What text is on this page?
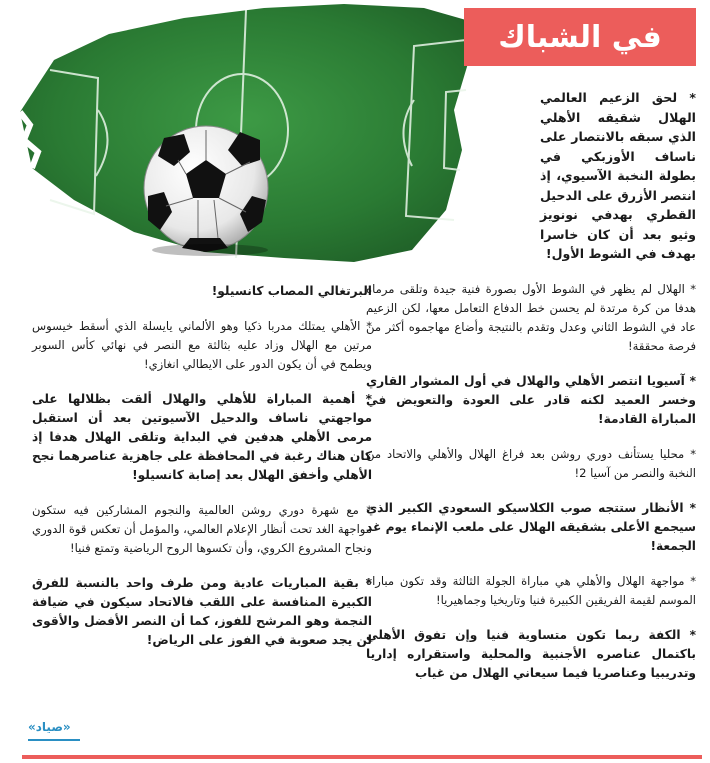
في الشباك
* لحق الزعيم العالمي الهلال شقيقه الأهلي الذي سبقه بالانتصار على ناساف الأوزبكي في بطولة النخبة الآسيوي، إذ انتصر الأزرق على الدحيل القطري بهدفي نونويز وثيو بعد أن كان خاسرا بهدف في الشوط الأول!

* الهلال لم يظهر في الشوط الأول بصورة فنية جيدة وتلقى مرماه هدفا من كرة مرتدة لم يحسن خط الدفاع التعامل معها، لكن الزعيم عاد في الشوط الثاني وعدل وتقدم بالنتيجة وأضاع مهاجموه أكثر من فرصة محققة!

* آسيويا انتصر الأهلي والهلال في أول المشوار القاري وخسر العميد لكنه قادر على العودة والتعويض في المباراة القادمة!

* محليا يستأنف دوري روشن بعد فراغ الهلال والأهلي والاتحاد من النخبة والنصر من آسيا 2!

* الأنظار ستتجه صوب الكلاسيكو السعودي الكبير الذي سيجمع الأعلى بشقيقه الهلال على ملعب الإنماء يوم غد الجمعة!

* مواجهة الهلال والأهلي هي مباراة الجولة الثالثة وقد تكون مباراة الموسم لقيمة الفريقين الكبيرة فنيا وتاريخيا وجماهيريا!

* الكفة ربما تكون متساوية فنيا وإن تفوق الأهلي باكتمال عناصره الأجنبية والمحلية واستقراره إداريا وتدريبيا وعناصريا فيما سيعاني الهلال من غياب

البرتغالي المصاب كانسيلو!

* الأهلي يمتلك مدربا ذكيا وهو الألماني يايسلة الذي أسقط خيسوس مرتين مع الهلال وزاد عليه بثالثة مع النصر في نهائي كأس السوبر ويطمح في أن يكون الدور على الايطالي انغازي!

* أهمية المباراة للأهلي والهلال ألقت بظلالها على مواجهتي ناساف والدحيل الآسيوتين بعد أن استقبل مرمى الأهلي هدفين في البداية وتلقى الهلال هدفا إذ كان هناك رغبة في المحافظة على جاهزية عناصرهما نجح الأهلي وأخفق الهلال بعد إصابة كانسيلو!

* مع شهرة دوري روشن العالمية والنجوم المشاركين فيه ستكون مواجهة الغد تحت أنظار الإعلام العالمي، والمؤمل أن تعكس قوة الدوري ونجاح المشروع الكروي، وأن تكسوها الروح الرياضية وتمتع فنيا!

* بقية المباريات عادية ومن طرف واحد بالنسبة للفرق الكبيرة المنافسة على اللقب فالاتحاد سيكون في ضيافة النجمة وهو المرشح للفوز، كما أن النصر الأفضل والأقوى لن يجد صعوبة في الفوز على الرياض!

«صياد»
